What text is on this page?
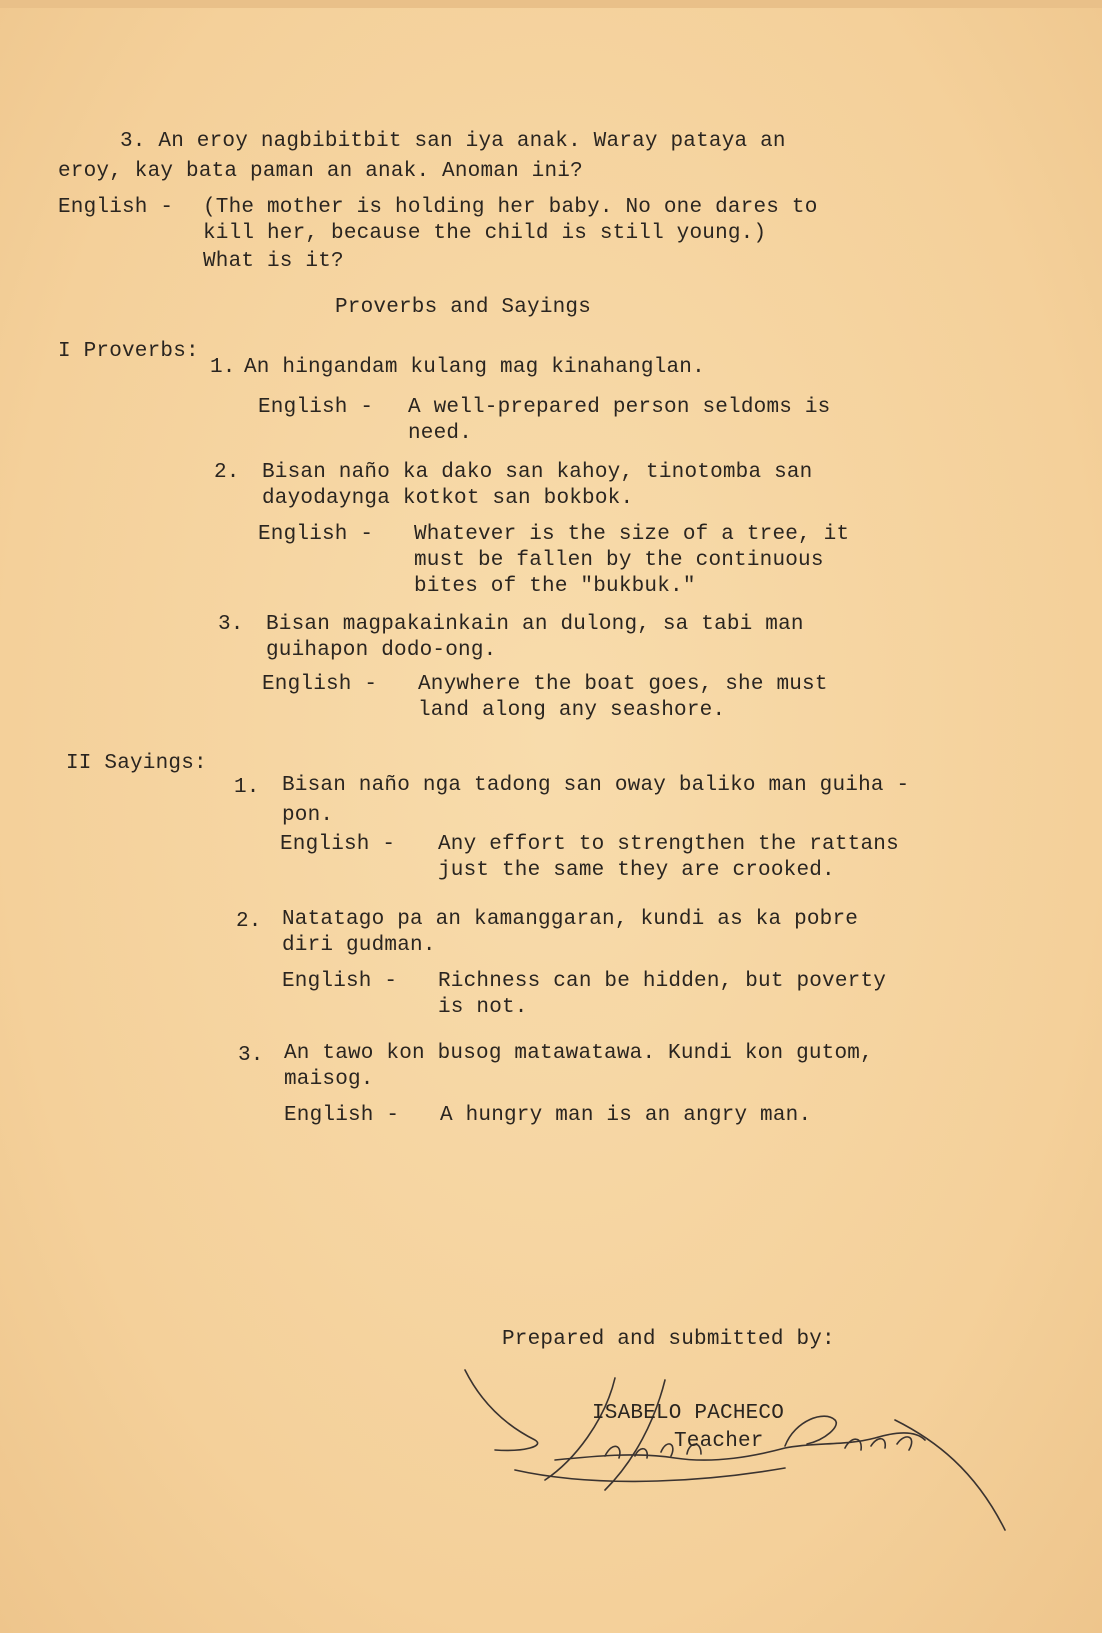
3. An eroy nagbibitbit san iya anak. Waray pataya an
eroy, kay bata paman an anak. Anoman ini?
English - (The mother is holding her baby. No one dares to
kill her, because the child is still young.)
What is it?
Proverbs and Sayings
I Proverbs:
1. An hingandam kulang mag kinahanglan.
English - A well-prepared person seldoms is
need.
2. Bisan naño ka dako san kahoy, tinotomba san
dayodaynga kotkot san bokbok.
English - Whatever is the size of a tree, it
must be fallen by the continuous
bites of the "bukbuk."
3. Bisan magpakainkain an dulong, sa tabi man
guihapon dodo-ong.
English - Anywhere the boat goes, she must
land along any seashore.
II Sayings:
1. Bisan naño nga tadong san oway baliko man guiha -
pon.
English - Any effort to strengthen the rattans
just the same they are crooked.
2. Natatago pa an kamanggaran, kundi as ka pobre
diri gudman.
English - Richness can be hidden, but poverty
is not.
3. An tawo kon busog matawatawa. Kundi kon gutom,
maisog.
English - A hungry man is an angry man.
Prepared and submitted by:
ISABELO PACHECO
Teacher
